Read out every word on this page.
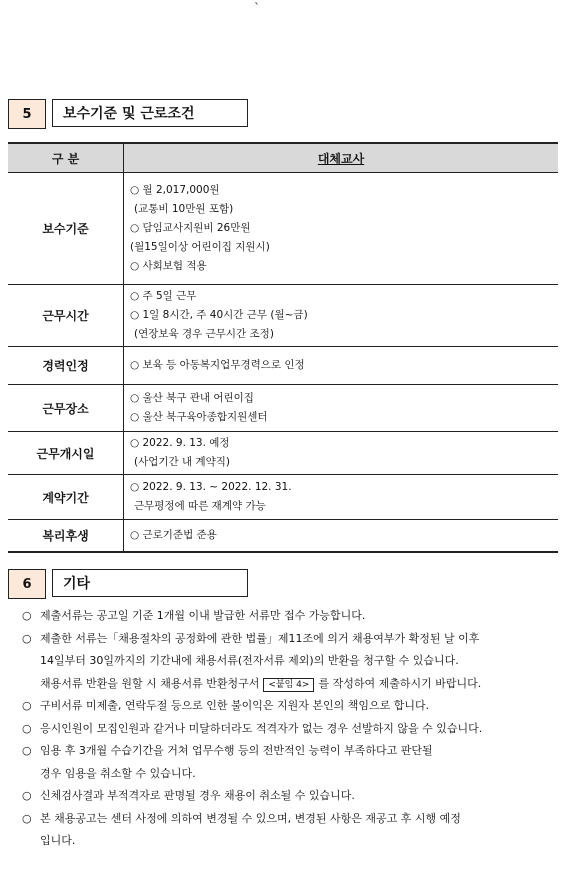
`
5	보수기준 및 근로조건
구 분	대체교사
보수기준	○ 월 2,017,000원
(교통비 10만원 포함)
○ 담임교사지원비 26만원
(월15일이상 어린이집 지원시)
○ 사회보험 적용

근무시간	○ 주 5일 근무
○ 1일 8시간, 주 40시간 근무 (월~금)
(연장보육 경우 근무시간 조정)

경력인정	○ 보육 등 아동복지업무경력으로 인정

근무장소	○ 울산 북구 관내 어린이집
○ 울산 북구육아종합지원센터

근무개시일	○ 2022. 9. 13. 예정
(사업기간 내 계약직)

계약기간	○ 2022. 9. 13. ~ 2022. 12. 31.
근무평정에 따른 재계약 가능

복리후생	○ 근로기준법 준용
6	기타
○ 제출서류는 공고일 기준 1개월 이내 발급한 서류만 접수 가능합니다.
○ 제출한 서류는「채용절차의 공정화에 관한 법률」제11조에 의거 채용여부가 확정된 날 이후
14일부터 30일까지의 기간내에 채용서류(전자서류 제외)의 반환을 청구할 수 있습니다.
채용서류 반환을 원할 시 채용서류 반환청구서 <붙임 4> 를 작성하여 제출하시기 바랍니다.
○ 구비서류 미제출, 연락두절 등으로 인한 불이익은 지원자 본인의 책임으로 합니다.
○ 응시인원이 모집인원과 같거나 미달하더라도 적격자가 없는 경우 선발하지 않을 수 있습니다.
○ 임용 후 3개월 수습기간을 거쳐 업무수행 등의 전반적인 능력이 부족하다고 판단될
경우 임용을 취소할 수 있습니다.
○ 신체검사결과 부적격자로 판명될 경우 채용이 취소될 수 있습니다.
○ 본 채용공고는 센터 사정에 의하여 변경될 수 있으며, 변경된 사항은 재공고 후 시행 예정
입니다.
